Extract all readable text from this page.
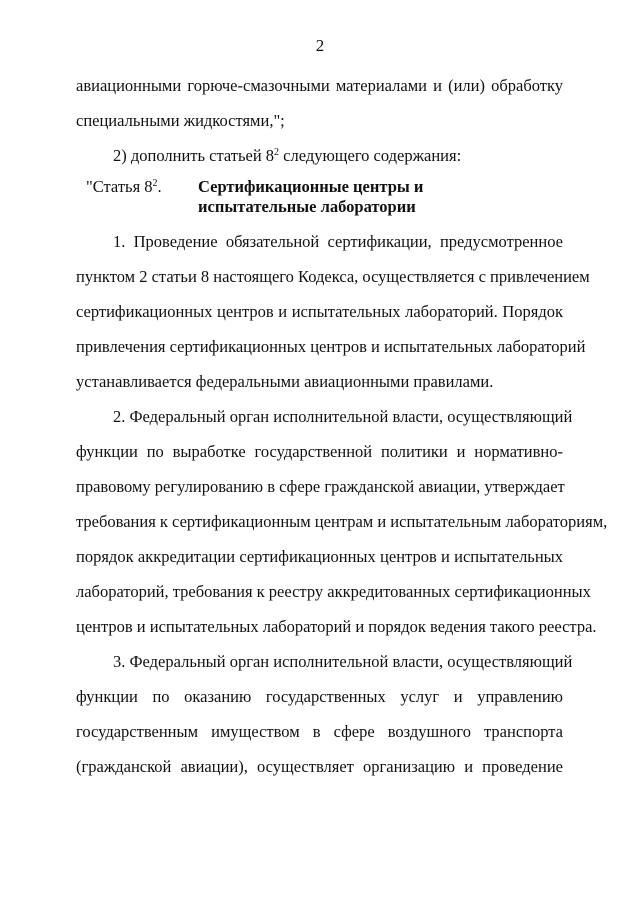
2
авиационными горюче-смазочными материалами и (или) обработку
специальными жидкостями,";
2) дополнить статьей $8^2$ следующего содержания:
"Статья $8^2$. Сертификационные центры и
испытательные лаборатории
1. Проведение обязательной сертификации, предусмотренное
пунктом 2 статьи 8 настоящего Кодекса, осуществляется с привлечением
сертификационных центров и испытательных лабораторий. Порядок
привлечения сертификационных центров и испытательных лабораторий
устанавливается федеральными авиационными правилами.
2. Федеральный орган исполнительной власти, осуществляющий
функции по выработке государственной политики и нормативно-
правовому регулированию в сфере гражданской авиации, утверждает
требования к сертификационным центрам и испытательным лабораториям,
порядок аккредитации сертификационных центров и испытательных
лабораторий, требования к реестру аккредитованных сертификационных
центров и испытательных лабораторий и порядок ведения такого реестра.
3. Федеральный орган исполнительной власти, осуществляющий
функции по оказанию государственных услуг и управлению
государственным имуществом в сфере воздушного транспорта
(гражданской авиации), осуществляет организацию и проведение
